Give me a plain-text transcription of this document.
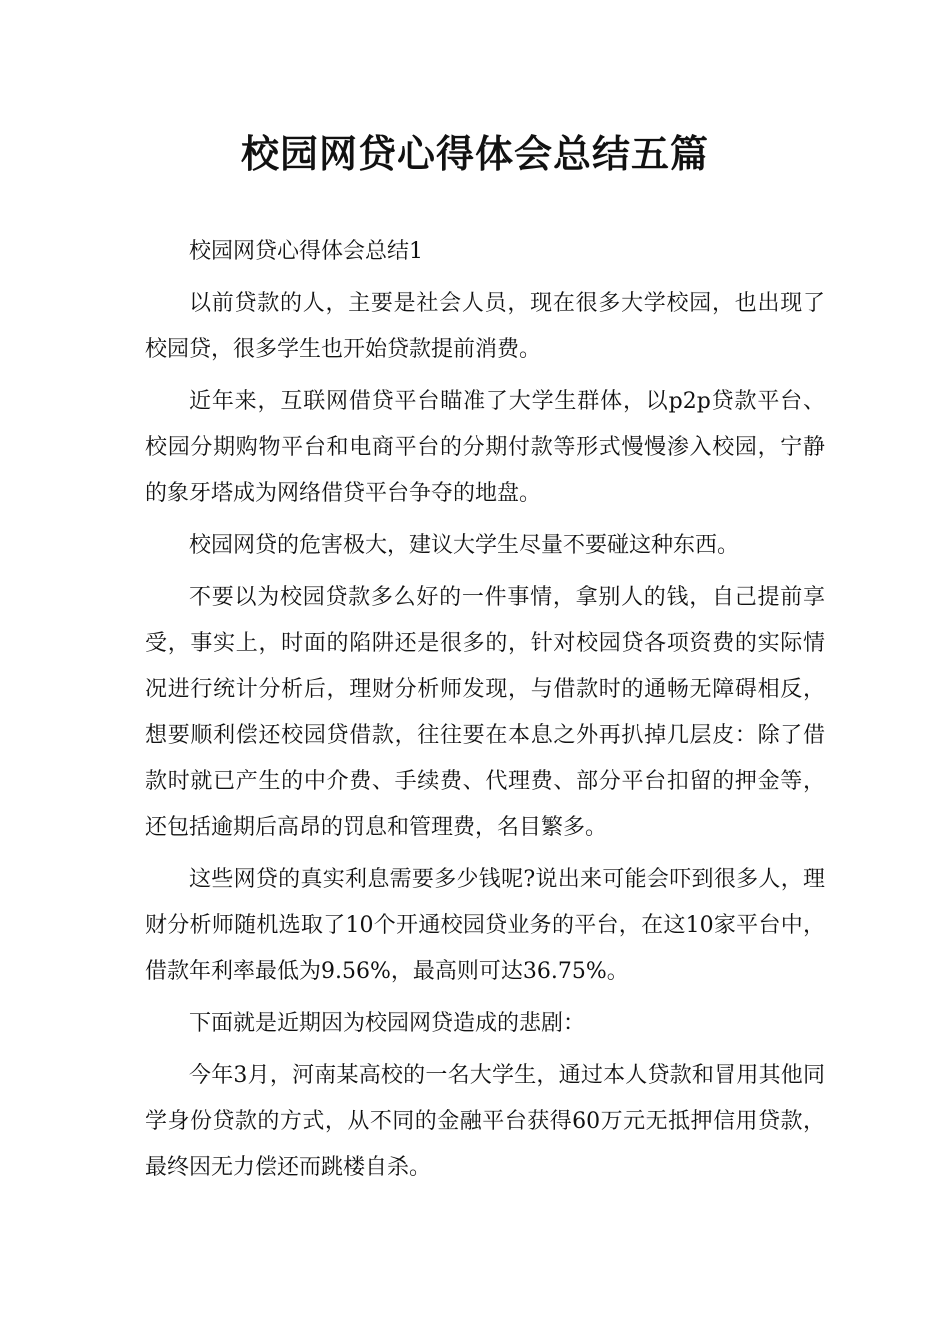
校园网贷心得体会总结五篇

校园网贷心得体会总结1

以前贷款的人，主要是社会人员，现在很多大学校园，也出现了校园贷，很多学生也开始贷款提前消费。

近年来，互联网借贷平台瞄准了大学生群体，以p2p贷款平台、校园分期购物平台和电商平台的分期付款等形式慢慢渗入校园，宁静的象牙塔成为网络借贷平台争夺的地盘。

校园网贷的危害极大，建议大学生尽量不要碰这种东西。

不要以为校园贷款多么好的一件事情，拿别人的钱，自己提前享受，事实上，时面的陷阱还是很多的，针对校园贷各项资费的实际情况进行统计分析后，理财分析师发现，与借款时的通畅无障碍相反，想要顺利偿还校园贷借款，往往要在本息之外再扒掉几层皮：除了借款时就已产生的中介费、手续费、代理费、部分平台扣留的押金等，还包括逾期后高昂的罚息和管理费，名目繁多。

这些网贷的真实利息需要多少钱呢?说出来可能会吓到很多人，理财分析师随机选取了10个开通校园贷业务的平台，在这10家平台中，借款年利率最低为9.56%，最高则可达36.75%。

下面就是近期因为校园网贷造成的悲剧：

今年3月，河南某高校的一名大学生，通过本人贷款和冒用其他同学身份贷款的方式，从不同的金融平台获得60万元无抵押信用贷款，最终因无力偿还而跳楼自杀。
